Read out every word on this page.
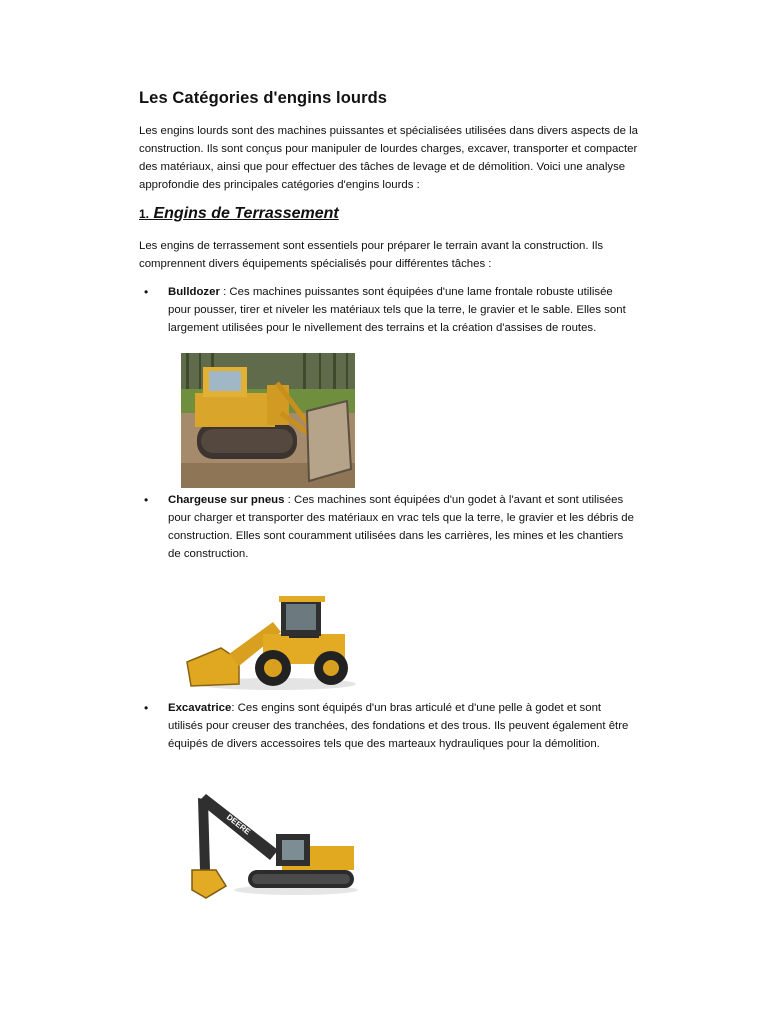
Les Catégories d'engins lourds

Les engins lourds sont des machines puissantes et spécialisées utilisées dans divers aspects de la construction. Ils sont conçus pour manipuler de lourdes charges, excaver, transporter et compacter des matériaux, ainsi que pour effectuer des tâches de levage et de démolition. Voici une analyse approfondie des principales catégories d'engins lourds :

1. Engins de Terrassement

Les engins de terrassement sont essentiels pour préparer le terrain avant la construction. Ils comprennent divers équipements spécialisés pour différentes tâches :

• Bulldozer : Ces machines puissantes sont équipées d'une lame frontale robuste utilisée pour pousser, tirer et niveler les matériaux tels que la terre, le gravier et le sable. Elles sont largement utilisées pour le nivellement des terrains et la création d'assises de routes.
• Chargeuse sur pneus : Ces machines sont équipées d'un godet à l'avant et sont utilisées pour charger et transporter des matériaux en vrac tels que la terre, le gravier et les débris de construction. Elles sont couramment utilisées dans les carrières, les mines et les chantiers de construction.
• Excavatrice: Ces engins sont équipés d'un bras articulé et d'une pelle à godet et sont utilisés pour creuser des tranchées, des fondations et des trous. Ils peuvent également être équipés de divers accessoires tels que des marteaux hydrauliques pour la démolition.
DEERE
